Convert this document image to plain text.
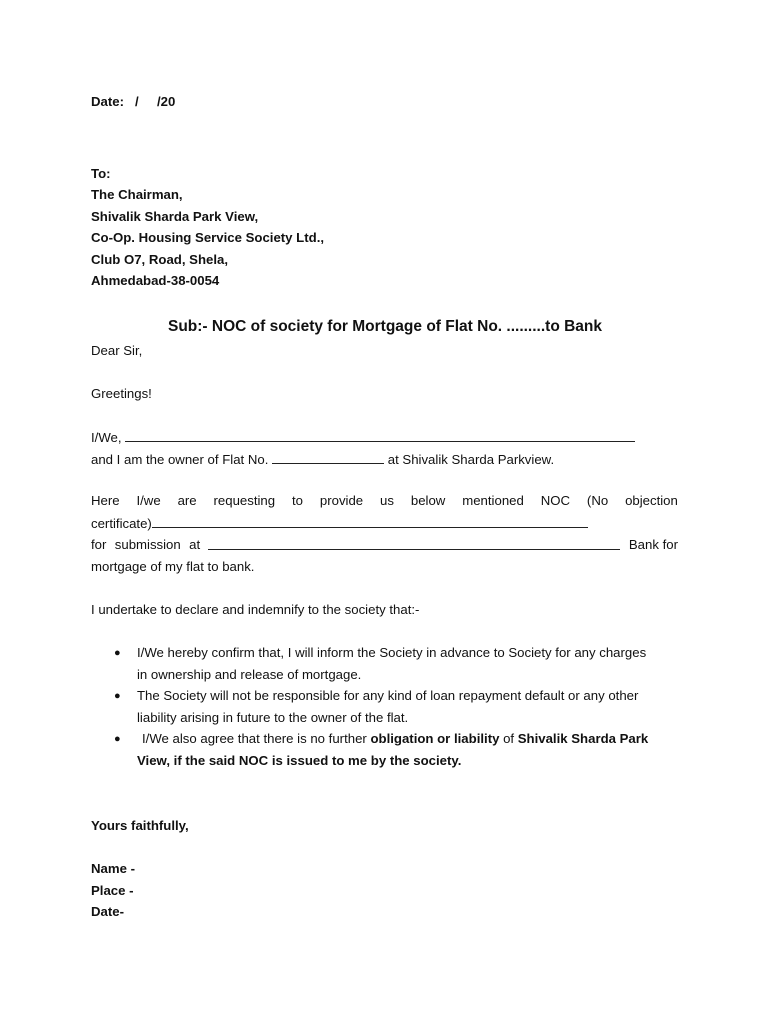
Date:   /     /20
To:
The Chairman,
Shivalik Sharda Park View,
Co-Op. Housing Service Society Ltd.,
Club O7, Road, Shela,
Ahmedabad-38-0054
Sub:- NOC of society for Mortgage of Flat No. .........to Bank
Dear Sir,
Greetings!
I/We,
and I am the owner of Flat No.	at Shivalik Sharda Parkview.
Here I/we are requesting to provide us below mentioned NOC (No objection
certificate)
for submission at	Bank for
mortgage of my flat to bank.
I undertake to declare and indemnify to the society that:-
● I/We hereby confirm that, I will inform the Society in advance to Society for any charges
in ownership and release of mortgage.
● The Society will not be responsible for any kind of loan repayment default or any other
liability arising in future to the owner of the flat.
● I/We also agree that there is no further obligation or liability of Shivalik Sharda Park
View, if the said NOC is issued to me by the society.
Yours faithfully,
Name -
Place -
Date-
